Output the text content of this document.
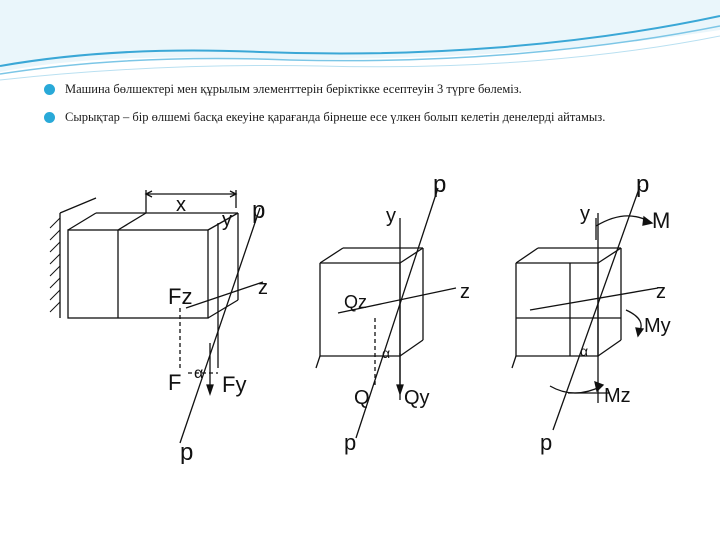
Машина бөлшектері мен құрылым элементтерін беріктікке есептеуін 3 түрге бөлеміз.
Сырықтар – бір өлшемі басқа екеуіне қарағанда бірнеше есе үлкен болып келетін денелерді айтамыз.
x
y p
z
Fz
α
F Fy
p
p
y
Qz	z
α
Q Qy
p
p
y	M
z
My
α
Mz
p
